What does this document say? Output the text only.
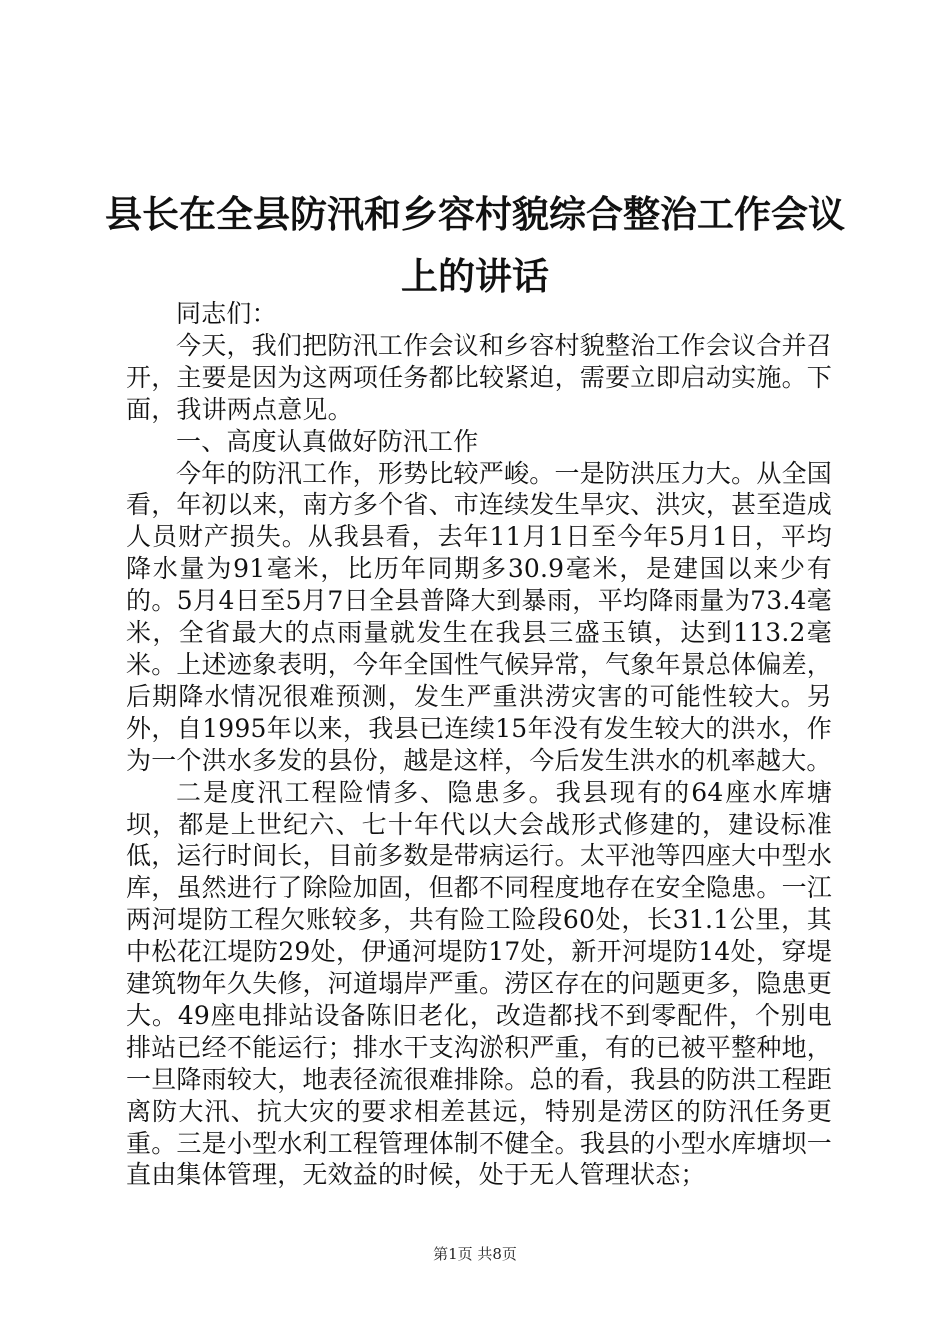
县长在全县防汛和乡容村貌综合整治工作会议上的讲话

同志们：

今天，我们把防汛工作会议和乡容村貌整治工作会议合并召开，主要是因为这两项任务都比较紧迫，需要立即启动实施。下面，我讲两点意见。

一、高度认真做好防汛工作

今年的防汛工作，形势比较严峻。一是防洪压力大。从全国看，年初以来，南方多个省、市连续发生旱灾、洪灾，甚至造成人员财产损失。从我县看，去年11月1日至今年5月1日，平均降水量为91毫米，比历年同期多30.9毫米，是建国以来少有的。5月4日至5月7日全县普降大到暴雨，平均降雨量为73.4毫米，全省最大的点雨量就发生在我县三盛玉镇，达到113.2毫米。上述迹象表明，今年全国性气候异常，气象年景总体偏差，后期降水情况很难预测，发生严重洪涝灾害的可能性较大。另外，自1995年以来，我县已连续15年没有发生较大的洪水，作为一个洪水多发的县份，越是这样，今后发生洪水的机率越大。

二是度汛工程险情多、隐患多。我县现有的64座水库塘坝，都是上世纪六、七十年代以大会战形式修建的，建设标准低，运行时间长，目前多数是带病运行。太平池等四座大中型水库，虽然进行了除险加固，但都不同程度地存在安全隐患。一江两河堤防工程欠账较多，共有险工险段60处，长31.1公里，其中松花江堤防29处，伊通河堤防17处，新开河堤防14处，穿堤建筑物年久失修，河道塌岸严重。涝区存在的问题更多，隐患更大。49座电排站设备陈旧老化，改造都找不到零配件，个别电排站已经不能运行；排水干支沟淤积严重，有的已被平整种地，一旦降雨较大，地表径流很难排除。总的看，我县的防洪工程距离防大汛、抗大灾的要求相差甚远，特别是涝区的防汛任务更重。三是小型水利工程管理体制不健全。我县的小型水库塘坝一直由集体管理，无效益的时候，处于无人管理状态；

第1页 共8页
